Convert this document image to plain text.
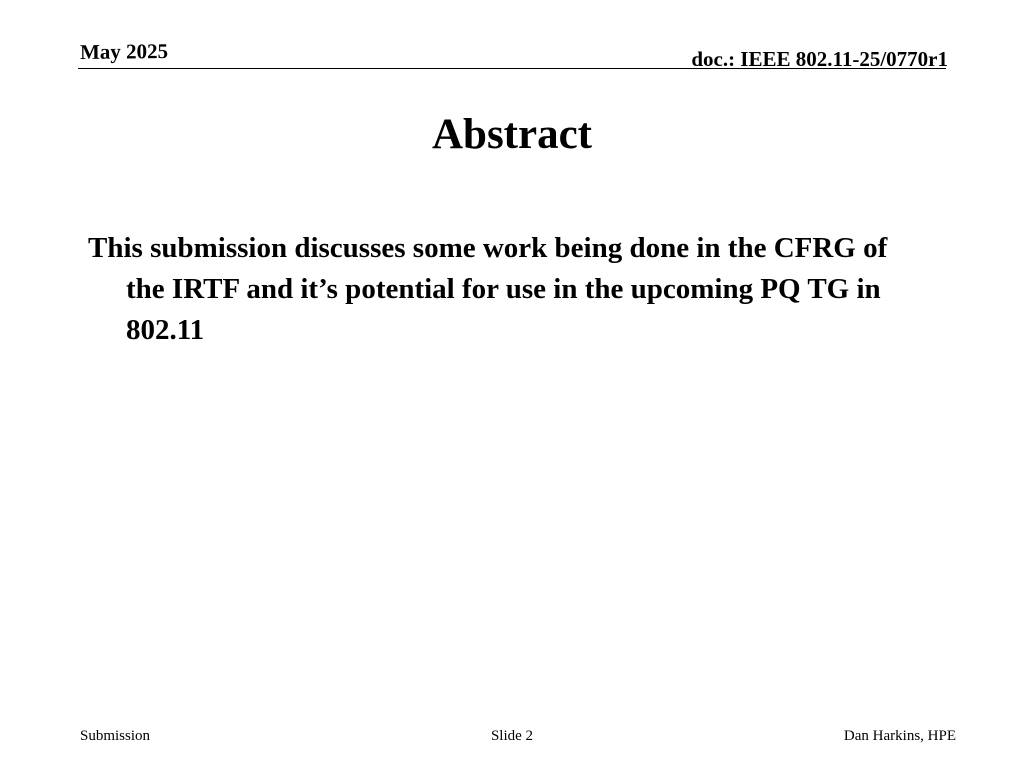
May 2025	doc.: IEEE 802.11-25/0770r1
Abstract

This submission discusses some work being done in the CFRG of the IRTF and it’s potential for use in the upcoming PQ TG in 802.11

Submission	Slide 2	Dan Harkins, HPE
